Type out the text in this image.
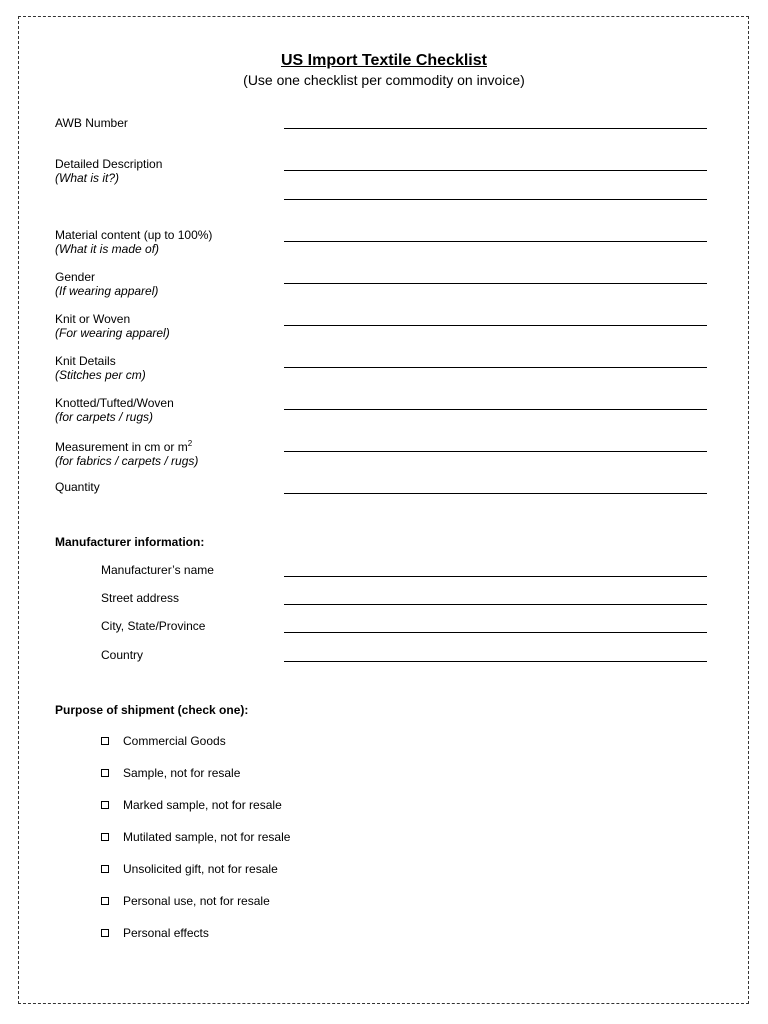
US Import Textile Checklist
(Use one checklist per commodity on invoice)
AWB Number
Detailed Description
(What is it?)
Material content (up to 100%)
(What it is made of)
Gender
(If wearing apparel)
Knit or Woven
(For wearing apparel)
Knit Details
(Stitches per cm)
Knotted/Tufted/Woven
(for carpets / rugs)
Measurement in cm or $m^2$
(for fabrics / carpets / rugs)
Quantity
Manufacturer information:
Manufacturer’s name
Street address
City, State/Province
Country
Purpose of shipment (check one):
Commercial Goods
Sample, not for resale
Marked sample, not for resale
Mutilated sample, not for resale
Unsolicited gift, not for resale
Personal use, not for resale
Personal effects
